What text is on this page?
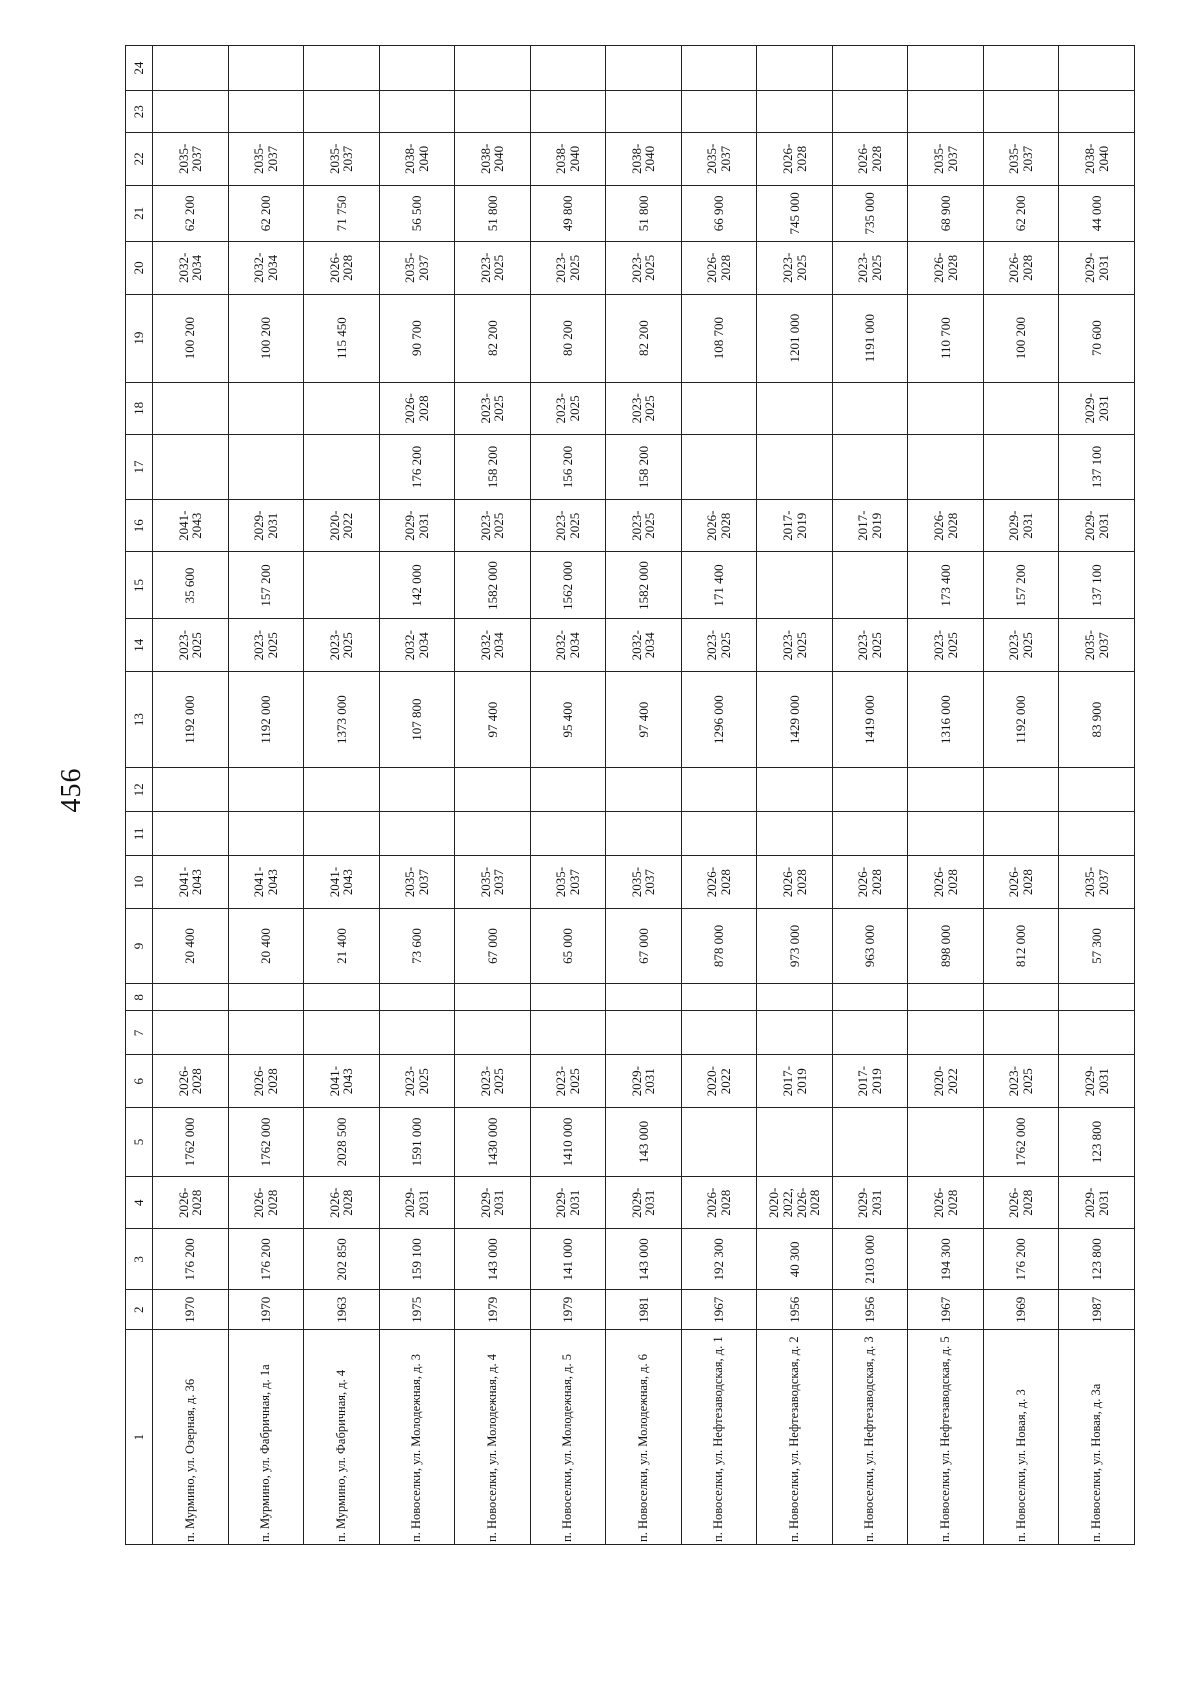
456
1	2	3	4	5	6	7	8	9	10	11	12	13	14	15	16	17	18	19	20	21	22	23	24
п. Мурмино, ул. Озерная, д. 36	1970	176 200	2026-2028	1762 000	2026-2028			20 400	2041-2043			1192 000	2023-2025	35 600	2041-2043			100 200	2032-2034	62 200	2035-2037		
п. Мурмино, ул. Фабричная, д. 1а	1970	176 200	2026-2028	1762 000	2026-2028			20 400	2041-2043			1192 000	2023-2025	157 200	2029-2031			100 200	2032-2034	62 200	2035-2037		
п. Мурмино, ул. Фабричная, д. 4	1963	202 850	2026-2028	2028 500	2041-2043			21 400	2041-2043			1373 000	2023-2025		2020-2022			115 450	2026-2028	71 750	2035-2037		
п. Новоселки, ул. Молодежная, д. 3	1975	159 100	2029-2031	1591 000	2023-2025			73 600	2035-2037			107 800	2032-2034	142 000	2029-2031	176 200	2026-2028	90 700	2035-2037	56 500	2038-2040		
п. Новоселки, ул. Молодежная, д. 4	1979	143 000	2029-2031	1430 000	2023-2025			67 000	2035-2037			97 400	2032-2034	1582 000	2023-2025	158 200	2023-2025	82 200	2023-2025	51 800	2038-2040		
п. Новоселки, ул. Молодежная, д. 5	1979	141 000	2029-2031	1410 000	2023-2025			65 000	2035-2037			95 400	2032-2034	1562 000	2023-2025	156 200	2023-2025	80 200	2023-2025	49 800	2038-2040		
п. Новоселки, ул. Молодежная, д. 6	1981	143 000	2029-2031	143 000	2029-2031			67 000	2035-2037			97 400	2032-2034	1582 000	2023-2025	158 200	2023-2025	82 200	2023-2025	51 800	2038-2040		
п. Новоселки, ул. Нефтезаводская, д. 1	1967	192 300	2026-2028		2020-2022			878 000	2026-2028			1296 000	2023-2025	171 400	2026-2028			108 700	2026-2028	66 900	2035-2037		
п. Новоселки, ул. Нефтезаводская, д. 2	1956	40 300	2020-2022, 2026-2028		2017-2019			973 000	2026-2028			1429 000	2023-2025		2017-2019			1201 000	2023-2025	745 000	2026-2028		
п. Новоселки, ул. Нефтезаводская, д. 3	1956	2103 000	2029-2031		2017-2019			963 000	2026-2028			1419 000	2023-2025		2017-2019			1191 000	2023-2025	735 000	2026-2028		
п. Новоселки, ул. Нефтезаводская, д. 5	1967	194 300	2026-2028		2020-2022			898 000	2026-2028			1316 000	2023-2025	173 400	2026-2028			110 700	2026-2028	68 900	2035-2037		
п. Новоселки, ул. Новая, д. 3	1969	176 200	2026-2028	1762 000	2023-2025			812 000	2026-2028			1192 000	2023-2025	157 200	2029-2031			100 200	2026-2028	62 200	2035-2037		
п. Новоселки, ул. Новая, д. 3а	1987	123 800	2029-2031	123 800	2029-2031			57 300	2035-2037			83 900	2035-2037	137 100	2029-2031	137 100	2029-2031	70 600	2029-2031	44 000	2038-2040		
